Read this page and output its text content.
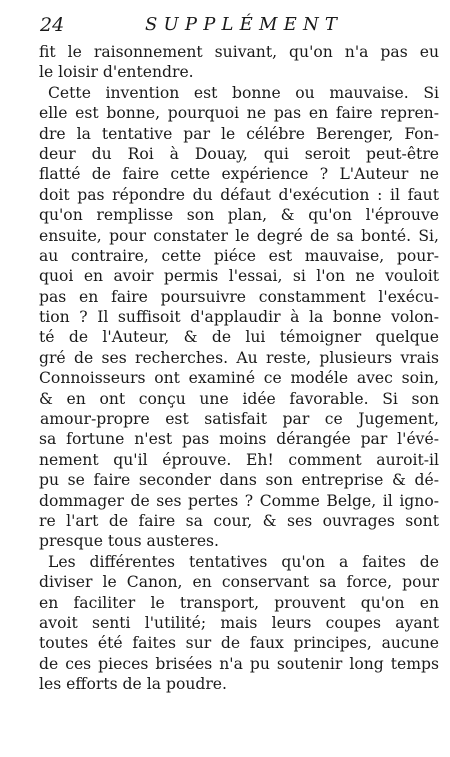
24	SUPPLÉMENT
fit le raisonnement suivant, qu'on n'a pas eu
le loisir d'entendre.
Cette invention est bonne ou mauvaise. Si
elle est bonne, pourquoi ne pas en faire repren-
dre la tentative par le célébre Berenger, Fon-
deur du Roi à Douay, qui seroit peut-être
flatté de faire cette expérience ? L'Auteur ne
doit pas répondre du défaut d'exécution : il faut
qu'on remplisse son plan, & qu'on l'éprouve
ensuite, pour constater le degré de sa bonté. Si,
au contraire, cette piéce est mauvaise, pour-
quoi en avoir permis l'essai, si l'on ne vouloit
pas en faire poursuivre constamment l'exécu-
tion ? Il suffisoit d'applaudir à la bonne volon-
té de l'Auteur, & de lui témoigner quelque
gré de ses recherches. Au reste, plusieurs vrais
Connoisseurs ont examiné ce modéle avec soin,
& en ont conçu une idée favorable. Si son
amour-propre est satisfait par ce Jugement,
sa fortune n'est pas moins dérangée par l'évé-
nement qu'il éprouve. Eh! comment auroit-il
pu se faire seconder dans son entreprise & dé-
dommager de ses pertes ? Comme Belge, il igno-
re l'art de faire sa cour, & ses ouvrages sont
presque tous austeres.
Les différentes tentatives qu'on a faites de
diviser le Canon, en conservant sa force, pour
en faciliter le transport, prouvent qu'on en
avoit senti l'utilité; mais leurs coupes ayant
toutes été faites sur de faux principes, aucune
de ces pieces brisées n'a pu soutenir long temps
les efforts de la poudre.
